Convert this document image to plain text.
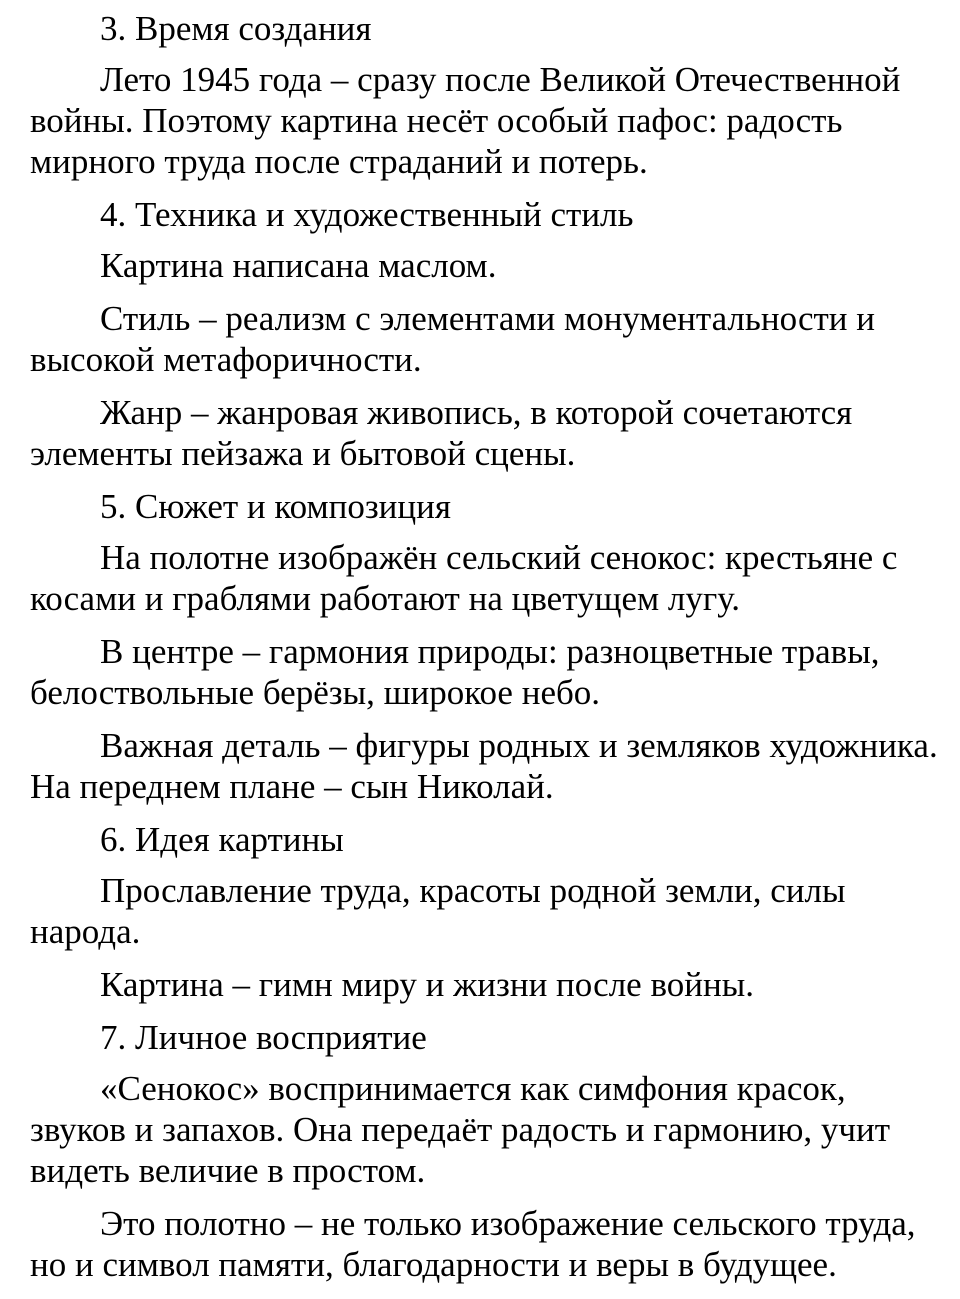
3. Время создания

Лето 1945 года – сразу после Великой Отечественной войны. Поэтому картина несёт особый пафос: радость мирного труда после страданий и потерь.

4. Техника и художественный стиль

Картина написана маслом.

Стиль – реализм с элементами монументальности и высокой метафоричности.

Жанр – жанровая живопись, в которой сочетаются элементы пейзажа и бытовой сцены.

5. Сюжет и композиция

На полотне изображён сельский сенокос: крестьяне с косами и граблями работают на цветущем лугу.

В центре – гармония природы: разноцветные травы, белоствольные берёзы, широкое небо.

Важная деталь – фигуры родных и земляков художника. На переднем плане – сын Николай.

6. Идея картины

Прославление труда, красоты родной земли, силы народа.

Картина – гимн миру и жизни после войны.

7. Личное восприятие

«Сенокос» воспринимается как симфония красок, звуков и запахов. Она передаёт радость и гармонию, учит видеть величие в простом.

Это полотно – не только изображение сельского труда, но и символ памяти, благодарности и веры в будущее.
